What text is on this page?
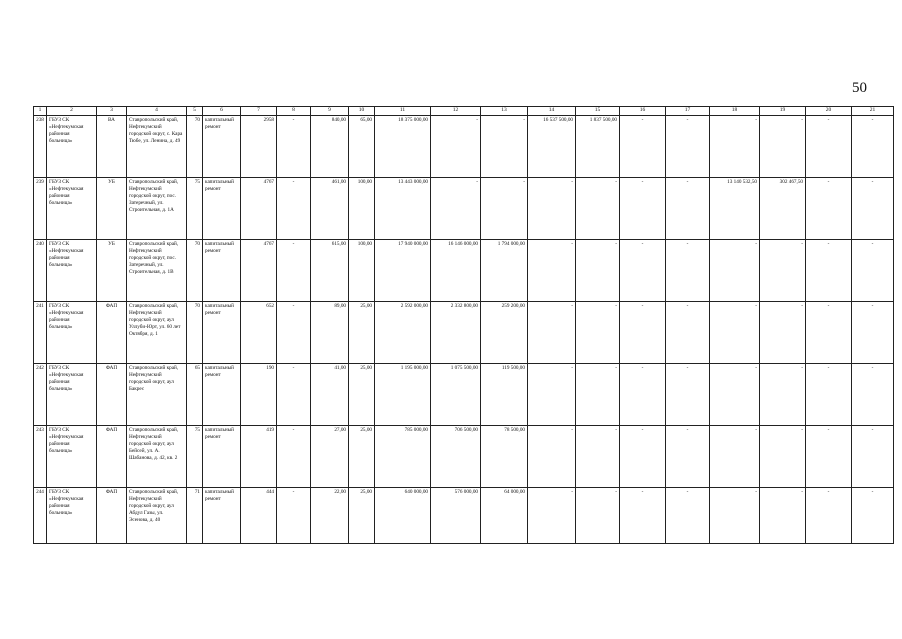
50
1	2	3	4	5	6	7	8	9	10	11	12	13	14	15	16	17	18	19	20	21
238	ГБУЗ СК «Нефтекумская районная больница»	ВА	Ставропольский край, Нефтекумский городской округ, с. Кара Тюбе, ул. Ленина, д. 49	70	капитальный ремонт	2958	-	840,00	65,00	18 375 000,00	-	-	16 537 500,00	1 837 500,00	-	-	-	-	-	-
239	ГБУЗ СК «Нефтекумская районная больница»	УБ	Ставропольский край, Нефтекумский городской округ, пос. Затеречный, ул. Строительная, д. 1А	75	капитальный ремонт	4767	-	461,00	100,00	13 443 000,00	-	-	-	-	-	-	13 140 532,50	302 467,50	-	-
240	ГБУЗ СК «Нефтекумская районная больница»	УБ	Ставропольский край, Нефтекумский городской округ, пос. Затеречный, ул. Строительная, д. 1В	70	капитальный ремонт	4767	-	615,00	100,00	17 940 000,00	16 146 000,00	1 794 000,00	-	-	-	-	-	-	-	-
241	ГБУЗ СК «Нефтекумская районная больница»	ФАП	Ставропольский край, Нефтекумский городской округ, аул Уллуби-Юрт, ул. 60 лет Октября, д. 1	70	капитальный ремонт	652	-	89,00	25,00	2 592 000,00	2 332 800,00	259 200,00	-	-	-	-	-	-	-	-
242	ГБУЗ СК «Нефтекумская районная больница»	ФАП	Ставропольский край, Нефтекумский городской округ, аул Бакрес	65	капитальный ремонт	190	-	41,00	25,00	1 195 000,00	1 075 500,00	119 500,00	-	-	-	-	-	-	-	-
243	ГБУЗ СК «Нефтекумская районная больница»	ФАП	Ставропольский край, Нефтекумский городской округ, аул Бейсей, ул. А. Шабанова, д. 42, кв. 2	75	капитальный ремонт	419	-	27,00	25,00	785 000,00	706 500,00	78 500,00	-	-	-	-	-	-	-	-
244	ГБУЗ СК «Нефтекумская районная больница»	ФАП	Ставропольский край, Нефтекумский городской округ, аул Абдул Газы, ул. Эсенова, д. 40	71	капитальный ремонт	444	-	22,00	25,00	640 000,00	576 000,00	64 000,00	-	-	-	-	-	-	-	-
